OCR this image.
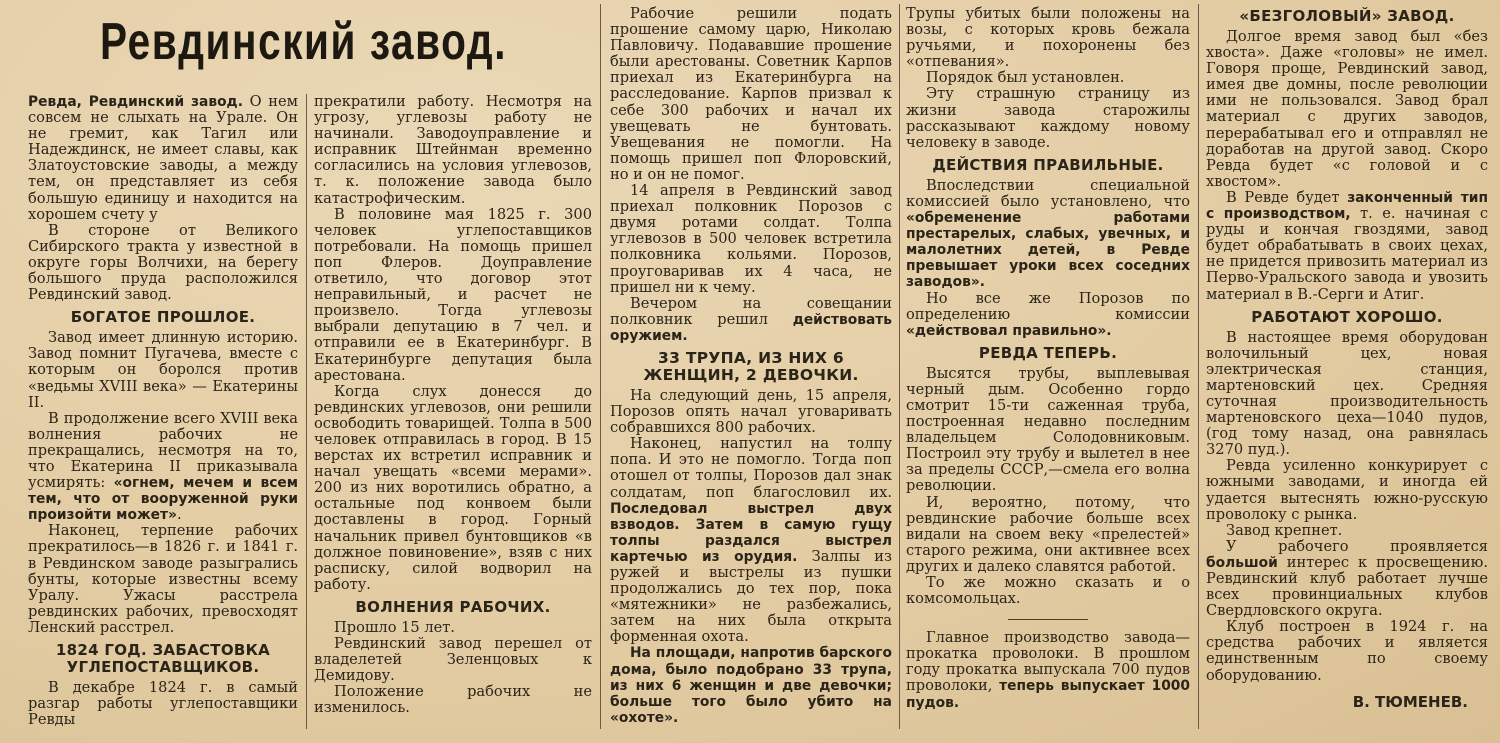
Ревдинский завод.

Ревда, Ревдинский завод. О нем совсем не слыхать на Урале. Он не гремит, как Тагил или Надеждинск, не имеет славы, как Златоустовские заводы, а между тем, он представляет из себя большую единицу и находится на хорошем счету у

В стороне от Великого Сибирского тракта у известной в округе горы Волчихи, на берегу большого пруда расположился Ревдинский завод.

БОГАТОЕ ПРОШЛОЕ.

Завод имеет длинную историю. Завод помнит Пугачева, вместе с которым он боролся против «ведьмы XVIII века» — Екатерины II.

В продолжение всего XVIII века волнения рабочих не прекращались, несмотря на то, что Екатерина II приказывала усмирять: «огнем, мечем и всем тем, что от вооруженной руки произойти может».

Наконец, терпение рабочих прекратилось—в 1826 г. и 1841 г. в Ревдинском заводе разыгрались бунты, которые известны всему Уралу. Ужасы расстрела ревдинских рабочих, превосходят Ленский расстрел.

1824 ГОД. ЗАБАСТОВКА УГЛЕПОСТАВЩИКОВ.

В декабре 1824 г. в самый разгар работы углепоставщики Ревды

прекратили работу. Несмотря на угрозу, углевозы работу не начинали. Заводоуправление и исправник Штейнман временно согласились на условия углевозов, т. к. положение завода было катастрофическим.

В половине мая 1825 г. 300 человек углепоставщиков потребовали. На помощь пришел поп Флеров. Доуправление ответило, что договор этот неправильный, и расчет не произвело. Тогда углевозы выбрали депутацию в 7 чел. и отправили ее в Екатеринбург. В Екатеринбурге депутация была арестована.

Когда слух донесся до ревдинских углевозов, они решили освободить товарищей. Толпа в 500 человек отправилась в город. В 15 верстах их встретил исправник и начал увещать «всеми мерами». 200 из них воротились обратно, а остальные под конвоем были доставлены в город. Горный начальник привел бунтовщиков «в должное повиновение», взяв с них расписку, силой водворил на работу.

ВОЛНЕНИЯ РАБОЧИХ.

Прошло 15 лет.

Ревдинский завод перешел от владелетей Зеленцовых к Демидову.

Положение рабочих не изменилось.

Рабочие решили подать прошение самому царю, Николаю Павловичу. Подававшие прошение были арестованы. Советник Карпов приехал из Екатеринбурга на расследование. Карпов призвал к себе 300 рабочих и начал их увещевать не бунтовать. Увещевания не помогли. На помощь пришел поп Флоровский, но и он не помог.

14 апреля в Ревдинский завод приехал полковник Порозов с двумя ротами солдат. Толпа углевозов в 500 человек встретила полковника кольями. Порозов, проуговаривав их 4 часа, не пришел ни к чему.

Вечером на совещании полковник решил действовать оружием.

33 ТРУПА, ИЗ НИХ 6 ЖЕНЩИН, 2 ДЕВОЧКИ.

На следующий день, 15 апреля, Порозов опять начал уговаривать собравшихся 800 рабочих.

Наконец, напустил на толпу попа. И это не помогло. Тогда поп отошел от толпы, Порозов дал знак солдатам, поп благословил их. Последовал выстрел двух взводов. Затем в самую гущу толпы раздался выстрел картечью из орудия. Залпы из ружей и выстрелы из пушки продолжались до тех пор, пока «мятежники» не разбежались, затем на них была открыта форменная охота.

На площади, напротив барского дома, было подобрано 33 трупа, из них 6 женщин и две девочки; больше того было убито на «охоте».

Трупы убитых были положены на возы, с которых кровь бежала ручьями, и похоронены без «отпевания».

Порядок был установлен.

Эту страшную страницу из жизни завода старожилы рассказывают каждому новому человеку в заводе.

ДЕЙСТВИЯ ПРАВИЛЬНЫЕ.

Впоследствии специальной комиссией было установлено, что «обременение работами престарелых, слабых, увечных, и малолетних детей, в Ревде превышает уроки всех соседних заводов».

Но все же Порозов по определению комиссии «действовал правильно».

РЕВДА ТЕПЕРЬ.

Высятся трубы, выплевывая черный дым. Особенно гордо смотрит 15-ти саженная труба, построенная недавно последним владельцем Солодовниковым. Построил эту трубу и вылетел в нее за пределы СССР,—смела его волна революции.

И, вероятно, потому, что ревдинские рабочие больше всех видали на своем веку «прелестей» старого режима, они активнее всех других и далеко славятся работой.

То же можно сказать и о комсомольцах.

Главное производство завода—прокатка проволоки. В прошлом году прокатка выпускала 700 пудов проволоки, теперь выпускает 1000 пудов.

«БЕЗГОЛОВЫЙ» ЗАВОД.

Долгое время завод был «без хвоста». Даже «головы» не имел. Говоря проще, Ревдинский завод, имея две домны, после революции ими не пользовался. Завод брал материал с других заводов, перерабатывал его и отправлял не доработав на другой завод. Скоро Ревда будет «с головой и с хвостом».

В Ревде будет законченный тип с производством, т. е. начиная с руды и кончая гвоздями, завод будет обрабатывать в своих цехах, не придется привозить материал из Перво-Уральского завода и увозить материал в В.-Серги и Атиг.

РАБОТАЮТ ХОРОШО.

В настоящее время оборудован волочильный цех, новая электрическая станция, мартеновский цех. Средняя суточная производительность мартеновского цеха—1040 пудов, (год тому назад, она равнялась 3270 пуд.).

Ревда усиленно конкурирует с южными заводами, и иногда ей удается вытеснять южно-русскую проволоку с рынка.

Завод крепнет.

У рабочего проявляется большой интерес к просвещению. Ревдинский клуб работает лучше всех провинциальных клубов Свердловского округа.

Клуб построен в 1924 г. на средства рабочих и является единственным по своему оборудованию.

В. ТЮМЕНЕВ.
